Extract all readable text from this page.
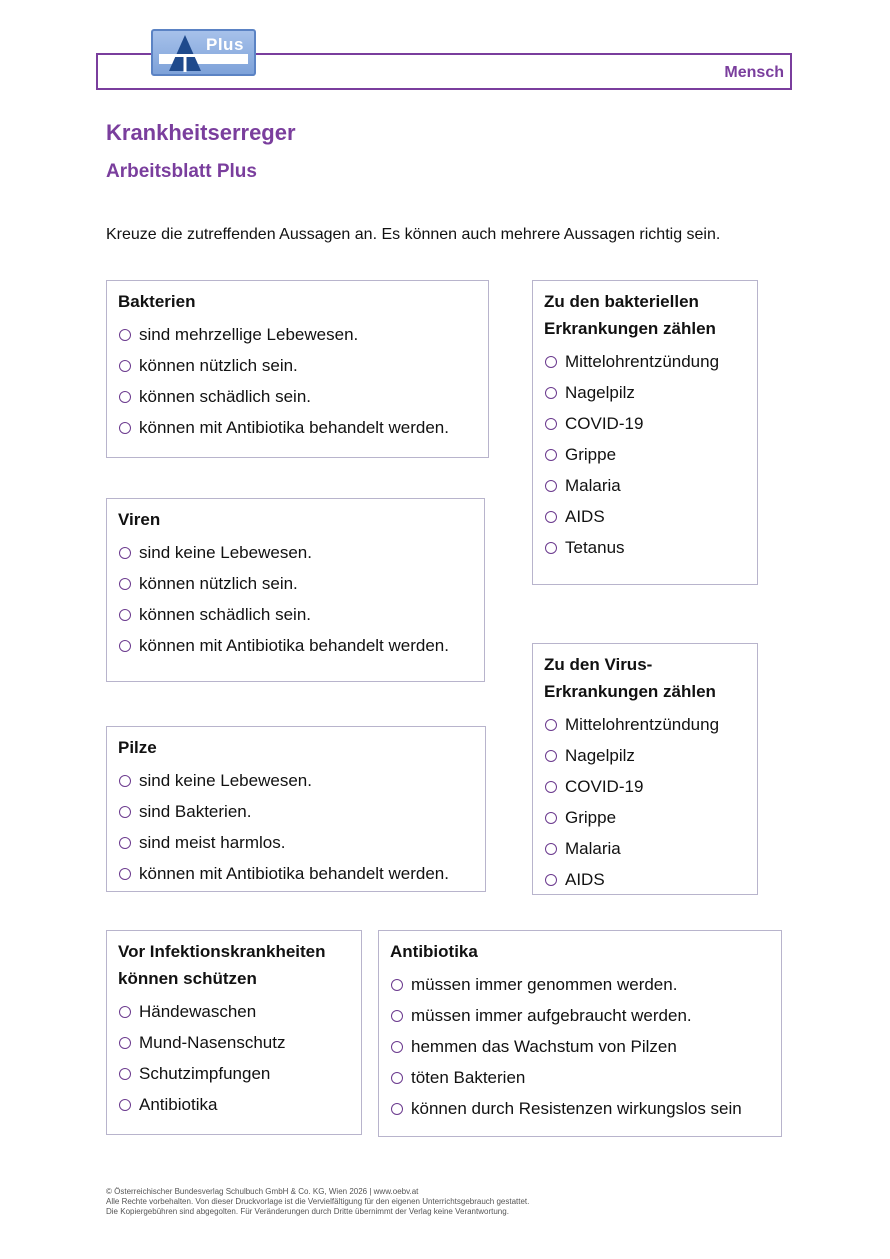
Plus
Mensch
Krankheitserreger
Arbeitsblatt Plus

Kreuze die zutreffenden Aussagen an. Es können auch mehrere Aussagen richtig sein.

Bakterien
sind mehrzellige Lebewesen.
können nützlich sein.
können schädlich sein.
können mit Antibiotika behandelt werden.
Viren
sind keine Lebewesen.
können nützlich sein.
können schädlich sein.
können mit Antibiotika behandelt werden.
Pilze
sind keine Lebewesen.
sind Bakterien.
sind meist harmlos.
können mit Antibiotika behandelt werden.
Zu den bakteriellen
Erkrankungen zählen
Mittelohrentzündung
Nagelpilz
COVID-19
Grippe
Malaria
AIDS
Tetanus
Zu den Virus-
Erkrankungen zählen
Mittelohrentzündung
Nagelpilz
COVID-19
Grippe
Malaria
AIDS
Vor Infektionskrankheiten
können schützen
Händewaschen
Mund-Nasenschutz
Schutzimpfungen
Antibiotika
Antibiotika
müssen immer genommen werden.
müssen immer aufgebraucht werden.
hemmen das Wachstum von Pilzen
töten Bakterien
können durch Resistenzen wirkungslos sein
© Österreichischer Bundesverlag Schulbuch GmbH & Co. KG, Wien 2026 | www.oebv.at
Alle Rechte vorbehalten. Von dieser Druckvorlage ist die Vervielfältigung für den eigenen Unterrichtsgebrauch gestattet.
Die Kopiergebühren sind abgegolten. Für Veränderungen durch Dritte übernimmt der Verlag keine Verantwortung.
